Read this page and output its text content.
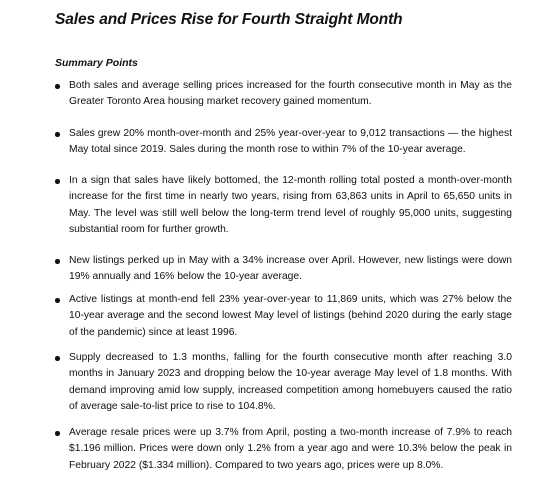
Sales and Prices Rise for Fourth Straight Month
Summary Points
Both sales and average selling prices increased for the fourth consecutive month in May as the Greater Toronto Area housing market recovery gained momentum.
Sales grew 20% month-over-month and 25% year-over-year to 9,012 transactions — the highest May total since 2019. Sales during the month rose to within 7% of the 10-year average.
In a sign that sales have likely bottomed, the 12-month rolling total posted a month-over-month increase for the first time in nearly two years, rising from 63,863 units in April to 65,650 units in May. The level was still well below the long-term trend level of roughly 95,000 units, suggesting substantial room for further growth.
New listings perked up in May with a 34% increase over April. However, new listings were down 19% annually and 16% below the 10-year average.
Active listings at month-end fell 23% year-over-year to 11,869 units, which was 27% below the 10-year average and the second lowest May level of listings (behind 2020 during the early stage of the pandemic) since at least 1996.
Supply decreased to 1.3 months, falling for the fourth consecutive month after reaching 3.0 months in January 2023 and dropping below the 10-year average May level of 1.8 months. With demand improving amid low supply, increased competition among homebuyers caused the ratio of average sale-to-list price to rise to 104.8%.
Average resale prices were up 3.7% from April, posting a two-month increase of 7.9% to reach $1.196 million. Prices were down only 1.2% from a year ago and were 10.3% below the peak in February 2022 ($1.334 million). Compared to two years ago, prices were up 8.0%.
